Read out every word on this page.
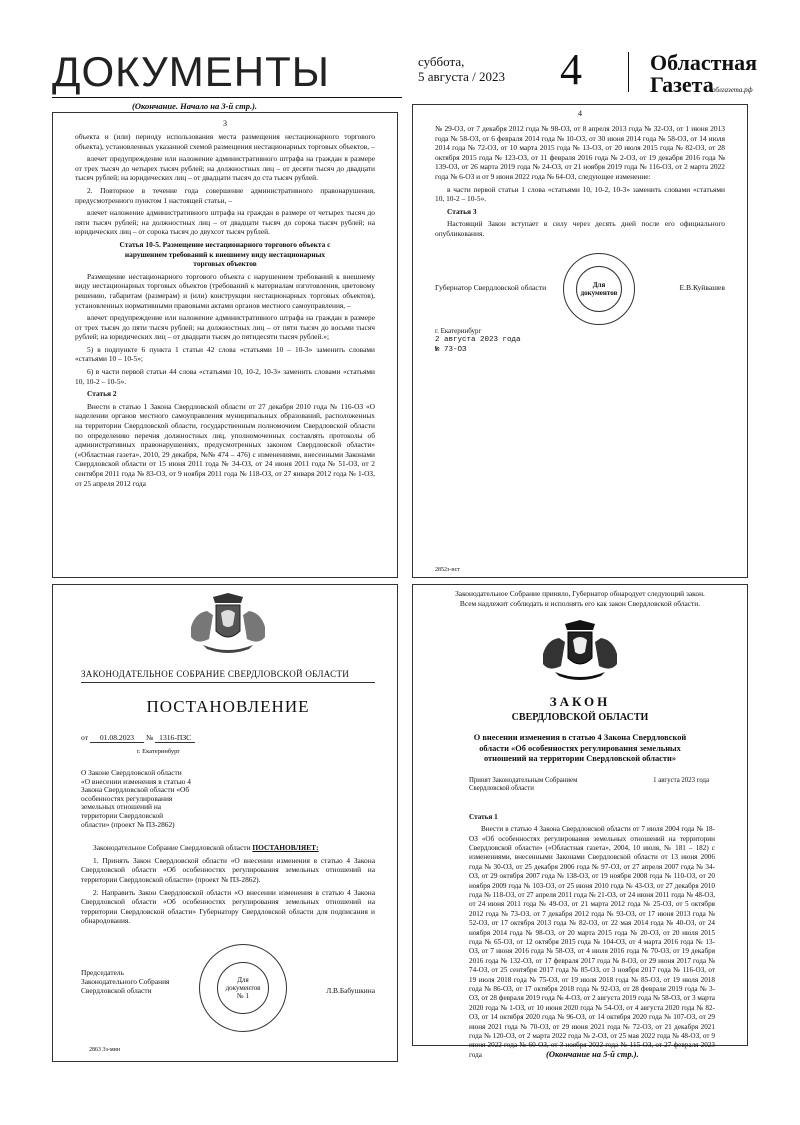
ДОКУМЕНТЫ	суббота,
5 августа / 2023 4	Областная
Газета
облгазета.рф
(Окончание. Начало на 3-й стр.).
3

объекта и (или) периоду использования места размещения нестационарного торгового объекта), установленных указанной схемой размещения нестационарных торговых объектов, –

влечет предупреждение или наложение административного штрафа на граждан в размере от трех тысяч до четырех тысяч рублей; на должностных лиц – от десяти тысяч до двадцати тысяч рублей; на юридических лиц – от двадцати тысяч до ста тысяч рублей.

2. Повторное в течение года совершение административного правонарушения, предусмотренного пунктом 1 настоящей статьи, –

влечет наложение административного штрафа на граждан в размере от четырех тысяч до пяти тысяч рублей; на должностных лиц – от двадцати тысяч до сорока тысяч рублей; на юридических лиц – от сорока тысяч до двухсот тысяч рублей.

Статья 10-5. Размещение нестационарного торгового объекта с нарушением требований к внешнему виду нестационарных торговых объектов

Размещение нестационарного торгового объекта с нарушением требований к внешнему виду нестационарных торговых объектов (требований к материалам изготовления, цветовому решению, габаритам (размерам) и (или) конструкции нестационарных торговых объектов), установленных нормативными правовыми актами органов местного самоуправления, –

влечет предупреждение или наложение административного штрафа на граждан в размере от трех тысяч до пяти тысяч рублей; на должностных лиц – от пяти тысяч до восьми тысяч рублей; на юридических лиц – от двадцати тысяч до пятидесяти тысяч рублей.»;

5) в подпункте 6 пункта 1 статьи 42 слова «статьями 10 – 10-3» заменить словами «статьями 10 – 10-5»;

6) в части первой статьи 44 слова «статьями 10, 10-2, 10-3» заменить словами «статьями 10, 10-2 – 10-5».

Статья 2

Внести в статью 1 Закона Свердловской области от 27 декабря 2010 года № 116-ОЗ «О наделении органов местного самоуправления муниципальных образований, расположенных на территории Свердловской области, государственным полномочием Свердловской области по определению перечня должностных лиц, уполномоченных составлять протоколы об административных правонарушениях, предусмотренных законом Свердловской области» («Областная газета», 2010, 29 декабря, №№ 474 – 476) с изменениями, внесенными Законами Свердловской области от 15 июня 2011 года № 34-ОЗ, от 24 июня 2011 года № 51-ОЗ, от 2 сентября 2011 года № 83-ОЗ, от 9 ноября 2011 года № 118-ОЗ, от 27 января 2012 года № 1-ОЗ, от 25 апреля 2012 года

4

№ 29-ОЗ, от 7 декабря 2012 года № 98-ОЗ, от 8 апреля 2013 года № 32-ОЗ, от 1 июня 2013 года № 58-ОЗ, от 6 февраля 2014 года № 10-ОЗ, от 30 июня 2014 года № 58-ОЗ, от 14 июля 2014 года № 72-ОЗ, от 10 марта 2015 года № 13-ОЗ, от 20 июля 2015 года № 82-ОЗ, от 28 октября 2015 года № 123-ОЗ, от 11 февраля 2016 года № 2-ОЗ, от 19 декабря 2016 года № 139-ОЗ, от 26 марта 2019 года № 24-ОЗ, от 21 ноября 2019 года № 116-ОЗ, от 2 марта 2022 года № 6-ОЗ и от 9 июня 2022 года № 64-ОЗ, следующее изменение:

в части первой статьи 1 слова «статьями 10, 10-2, 10-3» заменить словами «статьями 10, 10-2 – 10-5».

Статья 3

Настоящий Закон вступает в силу через десять дней после его официального опубликования.

Губернатор Свердловской области	Для
документов
Е.В.Куйвашев
г. Екатеринбург
2 августа 2023 года
№ 73-ОЗ
2852з-нст
ЗАКОНОДАТЕЛЬНОЕ СОБРАНИЕ СВЕРДЛОВСКОЙ ОБЛАСТИ
ПОСТАНОВЛЕНИЕ
от 01.08.2023 № 1316-ПЗС
г. Екатеринбург
О Законе Свердловской области «О внесении изменения в статью 4 Закона Свердловской области «Об особенностях регулирования земельных отношений на территории Свердловской области» (проект № ПЗ-2862)

Законодательное Собрание Свердловской области ПОСТАНОВЛЯЕТ:

1. Принять Закон Свердловской области «О внесении изменения в статью 4 Закона Свердловской области «Об особенностях регулирования земельных отношений на территории Свердловской области» (проект № ПЗ-2862).

2. Направить Закон Свердловской области «О внесении изменения в статью 4 Закона Свердловской области «Об особенностях регулирования земельных отношений на территории Свердловской области» Губернатору Свердловской области для подписания и обнародования.

Председатель
Законодательного Собрания
Свердловской области
Для
документов
№ 1
Л.В.Бабушкина
2863 3з-мин
Законодательное Собрание приняло, Губернатор обнародует следующий закон.
Всем надлежит соблюдать и исполнять его как закон Свердловской области.
ЗАКОН
СВЕРДЛОВСКОЙ ОБЛАСТИ
О внесении изменения в статью 4 Закона Свердловской области «Об особенностях регулирования земельных отношений на территории Свердловской области»
Принят Законодательным Собранием
Свердловской области
1 августа 2023 года

Статья 1

Внести в статью 4 Закона Свердловской области от 7 июля 2004 года № 18-ОЗ «Об особенностях регулирования земельных отношений на территории Свердловской области» («Областная газета», 2004, 10 июля, № 181 – 182) с изменениями, внесенными Законами Свердловской области от 13 июня 2006 года № 30-ОЗ, от 25 декабря 2006 года № 97-ОЗ, от 27 апреля 2007 года № 34-ОЗ, от 29 октября 2007 года № 138-ОЗ, от 19 ноября 2008 года № 110-ОЗ, от 20 ноября 2009 года № 103-ОЗ, от 25 июня 2010 года № 43-ОЗ, от 27 декабря 2010 года № 118-ОЗ, от 27 апреля 2011 года № 21-ОЗ, от 24 июня 2011 года № 48-ОЗ, от 24 июня 2011 года № 49-ОЗ, от 21 марта 2012 года № 25-ОЗ, от 5 октября 2012 года № 73-ОЗ, от 7 декабря 2012 года № 93-ОЗ, от 17 июня 2013 года № 52-ОЗ, от 17 октября 2013 года № 82-ОЗ, от 22 мая 2014 года № 40-ОЗ, от 24 ноября 2014 года № 98-ОЗ, от 20 марта 2015 года № 20-ОЗ, от 20 июля 2015 года № 65-ОЗ, от 12 октября 2015 года № 104-ОЗ, от 4 марта 2016 года № 13-ОЗ, от 7 июня 2016 года № 58-ОЗ, от 4 июля 2016 года № 70-ОЗ, от 19 декабря 2016 года № 132-ОЗ, от 17 февраля 2017 года № 8-ОЗ, от 29 июня 2017 года № 74-ОЗ, от 25 сентября 2017 года № 85-ОЗ, от 3 ноября 2017 года № 116-ОЗ, от 19 июля 2018 года № 75-ОЗ, от 19 июля 2018 года № 85-ОЗ, от 19 июля 2018 года № 86-ОЗ, от 17 октября 2018 года № 92-ОЗ, от 28 февраля 2019 года № 3-ОЗ, от 28 февраля 2019 года № 4-ОЗ, от 2 августа 2019 года № 58-ОЗ, от 3 марта 2020 года № 1-ОЗ, от 10 июня 2020 года № 54-ОЗ, от 4 августа 2020 года № 82-ОЗ, от 14 октября 2020 года № 96-ОЗ, от 14 октября 2020 года № 107-ОЗ, от 29 июня 2021 года № 70-ОЗ, от 29 июня 2021 года № 72-ОЗ, от 21 декабря 2021 года № 120-ОЗ, от 2 марта 2022 года № 2-ОЗ, от 25 мая 2022 года № 48-ОЗ, от 9 июня 2022 года № 60-ОЗ, от 3 ноября 2022 года № 115-ОЗ, от 27 февраля 2023 года	(Окончание на 5-й стр.).
